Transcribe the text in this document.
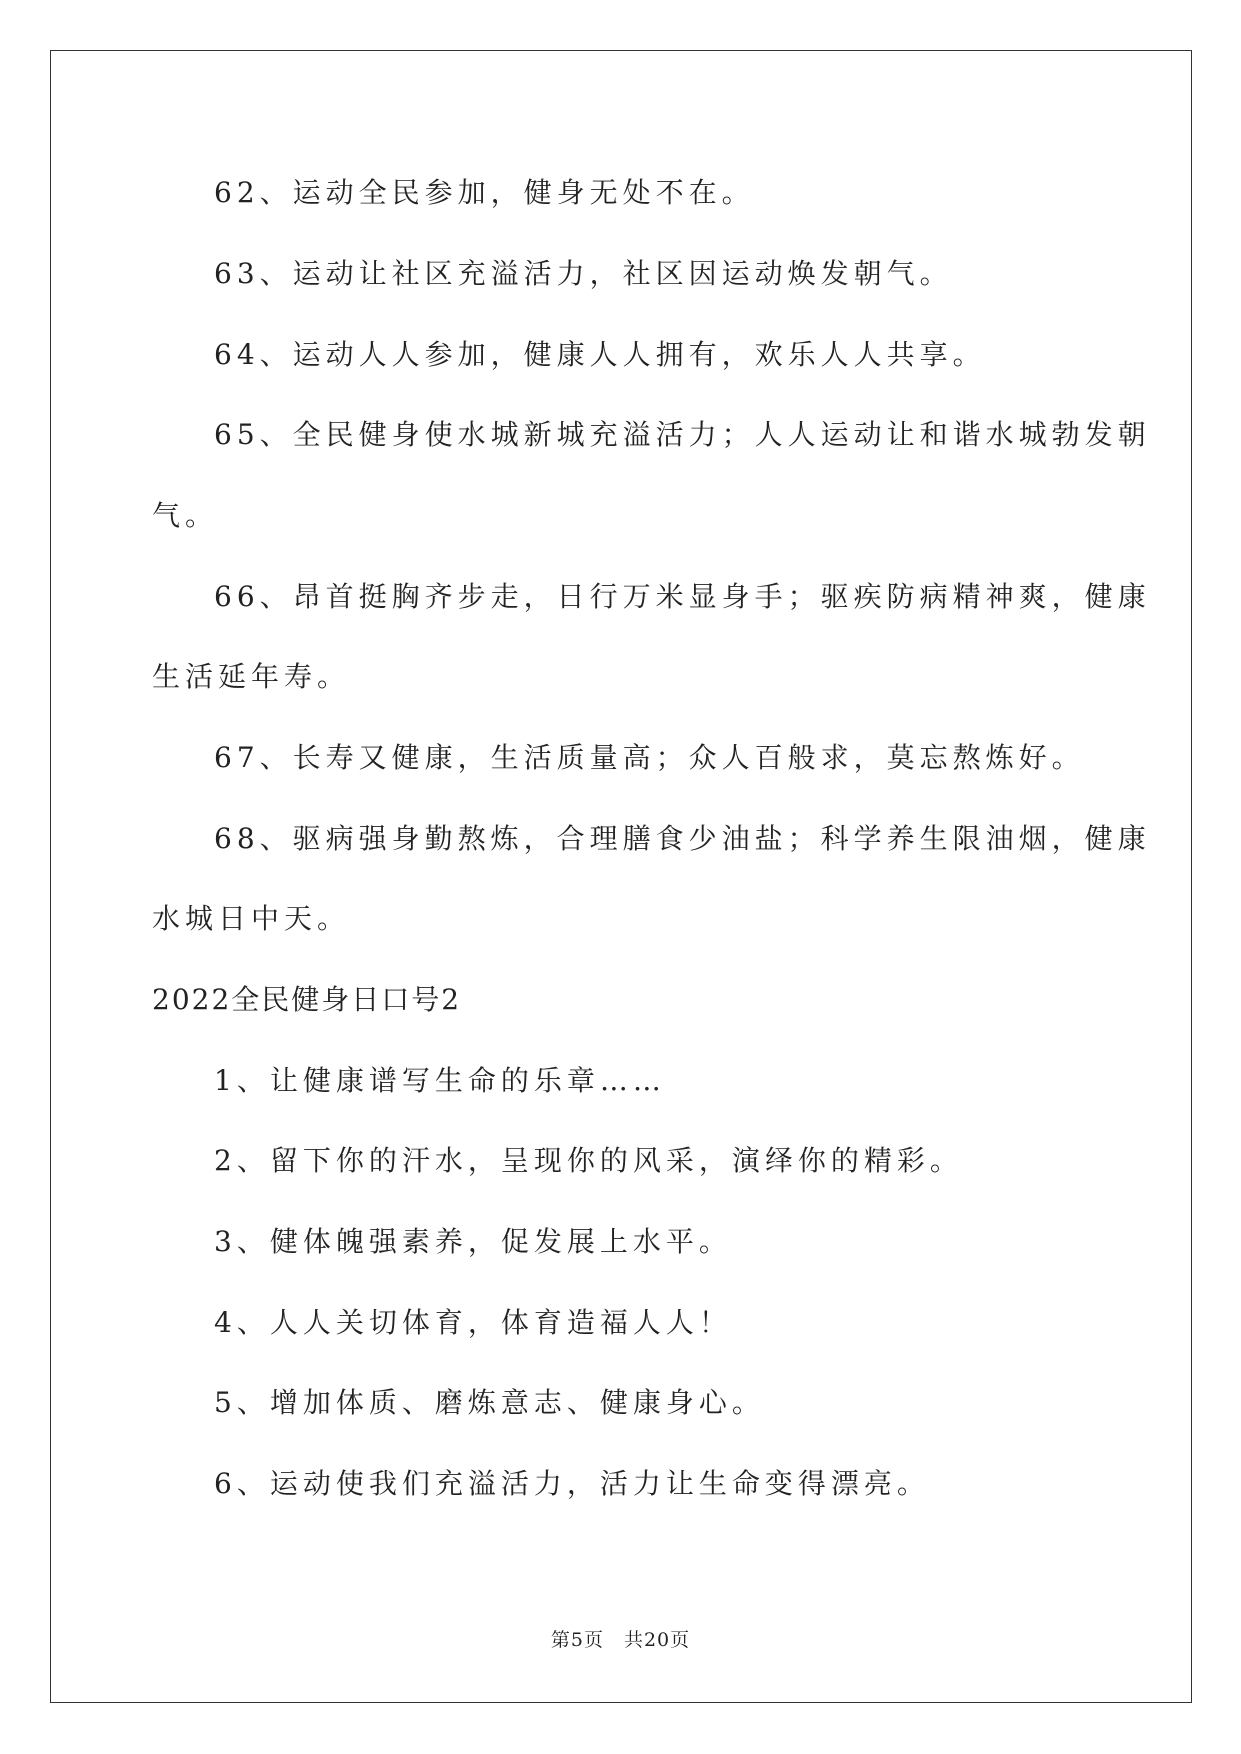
62、运动全民参加，健身无处不在。
63、运动让社区充溢活力，社区因运动焕发朝气。
64、运动人人参加，健康人人拥有，欢乐人人共享。
65、全民健身使水城新城充溢活力；人人运动让和谐水城勃发朝
气。
66、昂首挺胸齐步走，日行万米显身手；驱疾防病精神爽，健康
生活延年寿。
67、长寿又健康，生活质量高；众人百般求，莫忘熬炼好。
68、驱病强身勤熬炼，合理膳食少油盐；科学养生限油烟，健康
水城日中天。
2022全民健身日口号2
1、让健康谱写生命的乐章……
2、留下你的汗水，呈现你的风采，演绎你的精彩。
3、健体魄强素养，促发展上水平。
4、人人关切体育，体育造福人人！
5、增加体质、磨炼意志、健康身心。
6、运动使我们充溢活力，活力让生命变得漂亮。
第5页 共20页
